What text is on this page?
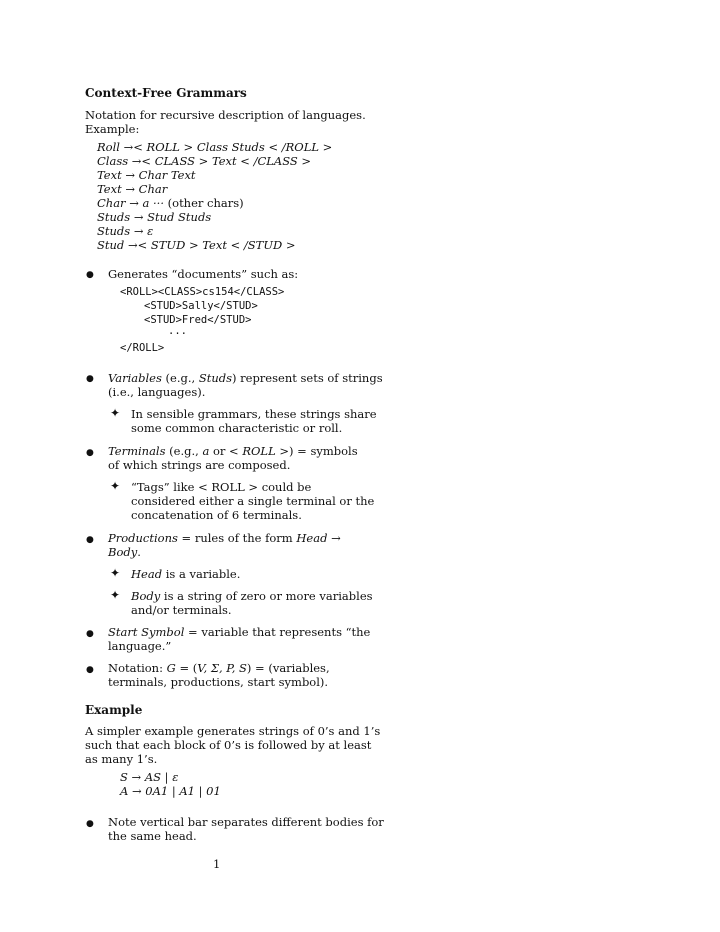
Context-Free Grammars
Notation for recursive description of languages.
Example:
Roll →< ROLL > Class Studs < /ROLL >
Class →< CLASS > Text < /CLASS >
Text → Char Text
Text → Char
Char → a ··· (other chars)
Studs → Stud Studs
Studs → ε
Stud →< STUD > Text < /STUD >
● Generates “documents” such as:
<ROLL><CLASS>cs154</CLASS>
<STUD>Sally</STUD>
<STUD>Fred</STUD>
···
</ROLL>
● Variables (e.g., Studs) represent sets of strings
(i.e., languages).
✦ In sensible grammars, these strings share
some common characteristic or roll.
● Terminals (e.g., a or < ROLL >) = symbols
of which strings are composed.
✦ “Tags” like < ROLL > could be
considered either a single terminal or the
concatenation of 6 terminals.
● Productions = rules of the form Head →
Body.
✦ Head is a variable.
✦ Body is a string of zero or more variables
and/or terminals.
● Start Symbol = variable that represents “the
language.”
● Notation: G = (V, Σ, P, S) = (variables,
terminals, productions, start symbol).
Example
A simpler example generates strings of 0’s and 1’s
such that each block of 0’s is followed by at least
as many 1’s.
S → AS | ε
A → 0A1 | A1 | 01
● Note vertical bar separates different bodies for
the same head.
1
